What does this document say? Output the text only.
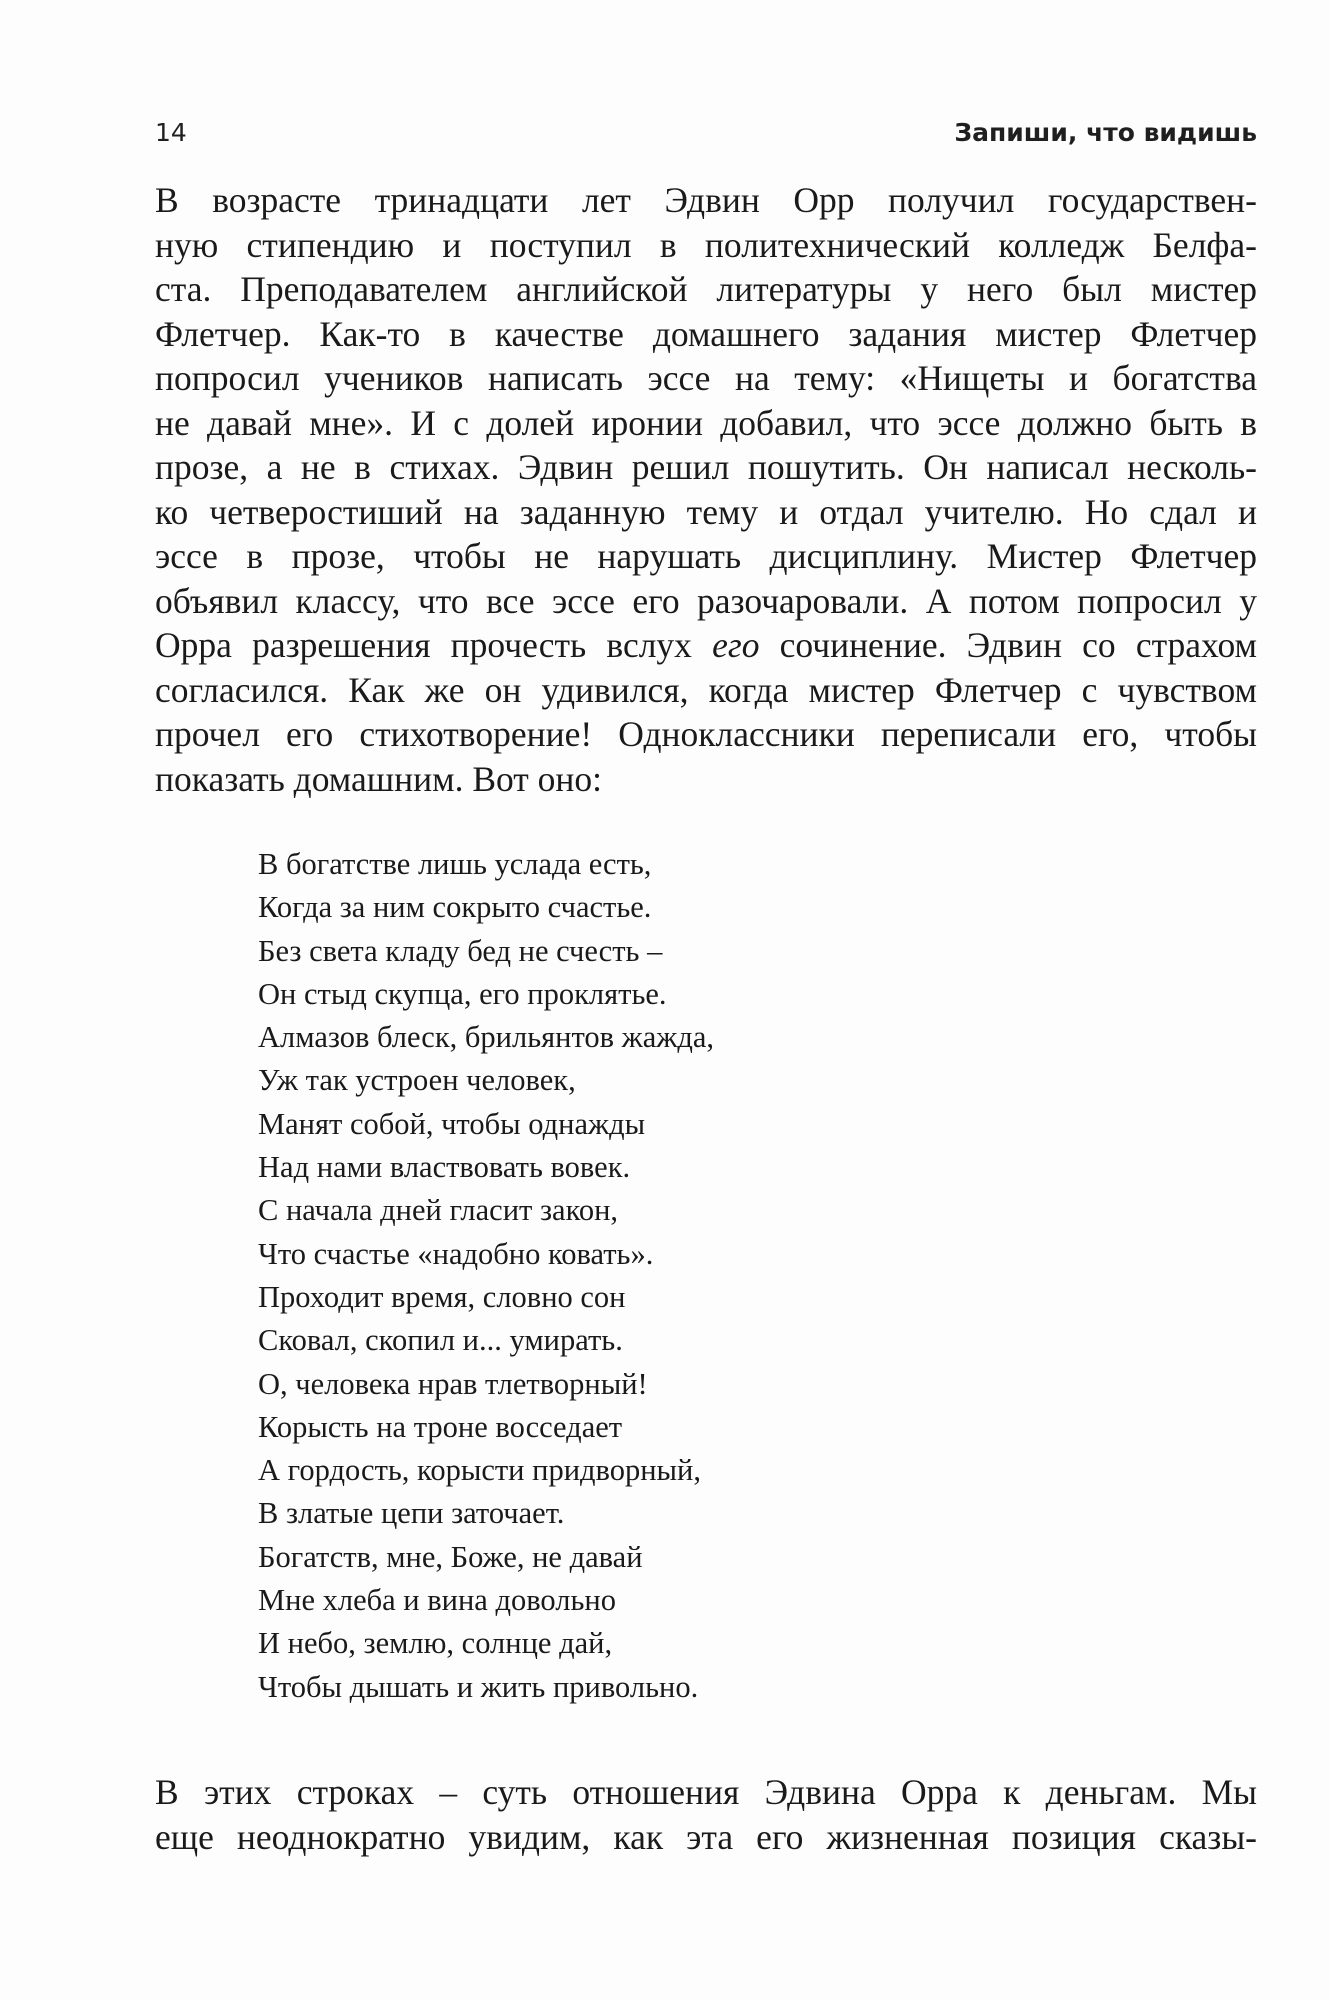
14	Запиши, что видишь
В возрасте тринадцати лет Эдвин Орр получил государствен-
ную стипендию и поступил в политехнический колледж Белфа-
ста. Преподавателем английской литературы у него был мистер
Флетчер. Как-то в качестве домашнего задания мистер Флетчер
попросил учеников написать эссе на тему: «Нищеты и богатства
не давай мне». И с долей иронии добавил, что эссе должно быть в
прозе, а не в стихах. Эдвин решил пошутить. Он написал несколь-
ко четверостиший на заданную тему и отдал учителю. Но сдал и
эссе в прозе, чтобы не нарушать дисциплину. Мистер Флетчер
объявил классу, что все эссе его разочаровали. А потом попросил у
Орра разрешения прочесть вслух его сочинение. Эдвин со страхом
согласился. Как же он удивился, когда мистер Флетчер с чувством
прочел его стихотворение! Одноклассники переписали его, чтобы
показать домашним. Вот оно:
В богатстве лишь услада есть,
Когда за ним сокрыто счастье.
Без света кладу бед не счесть –
Он стыд скупца, его проклятье.
Алмазов блеск, брильянтов жажда,
Уж так устроен человек,
Манят собой, чтобы однажды
Над нами властвовать вовек.
С начала дней гласит закон,
Что счастье «надобно ковать».
Проходит время, словно сон
Сковал, скопил и... умирать.
О, человека нрав тлетворный!
Корысть на троне восседает
А гордость, корысти придворный,
В златые цепи заточает.
Богатств, мне, Боже, не давай
Мне хлеба и вина довольно
И небо, землю, солнце дай,
Чтобы дышать и жить привольно.
В этих строках – суть отношения Эдвина Орра к деньгам. Мы
еще неоднократно увидим, как эта его жизненная позиция сказы-
